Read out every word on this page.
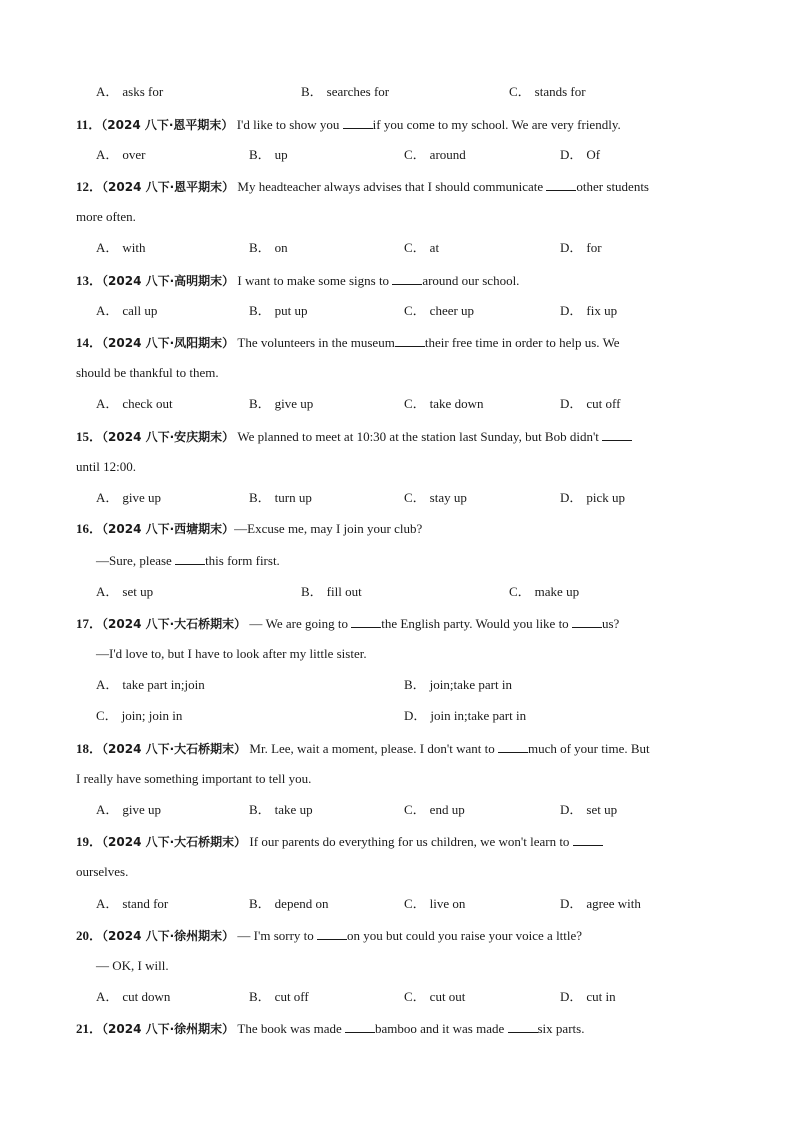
A． asks for	B． searches for	C． stands for
11．（2024 八下·恩平期末） I'd like to show you	if you come to my school. We are very friendly.
A． over	B． up	C． around	D． Of
12．（2024 八下·恩平期末） My headteacher always advises that I should communicate	other students
more often.
A． with	B． on	C． at	D． for
13．（2024 八下·高明期末） I want to make some signs to	around our school.
A． call up	B． put up	C． cheer up	D． fix up
14．（2024 八下·凤阳期末） The volunteers in the museum their free time in order to help us. We
should be thankful to them.
A． check out	B． give up	C． take down	D． cut off
15．（2024 八下·安庆期末） We planned to meet at 10:30 at the station last Sunday, but Bob didn't
until 12:00.
A． give up	B． turn up	C． stay up	D． pick up
16．（2024 八下·西塘期末）—Excuse me, may I join your club?
—Sure, please	this form first.
A． set up	B． fill out	C． make up
17．（2024 八下·大石桥期末） — We are going to	the English party. Would you like to	us?
—I'd love to, but I have to look after my little sister.
A． take part in;join	B． join;take part in
C． join; join in	D． join in;take part in
18．（2024 八下·大石桥期末） Mr. Lee, wait a moment, please. I don't want to	much of your time. But
I really have something important to tell you.
A． give up	B． take up	C． end up	D． set up
19．（2024 八下·大石桥期末） If our parents do everything for us children, we won't learn to
ourselves.
A． stand for	B． depend on	C． live on	D． agree with
20．（2024 八下·徐州期末） — I'm sorry to	on you but could you raise your voice a lttle?
— OK, I will.
A． cut down	B． cut off	C． cut out	D． cut in
21．（2024 八下·徐州期末） The book was made	bamboo and it was made	six parts.
